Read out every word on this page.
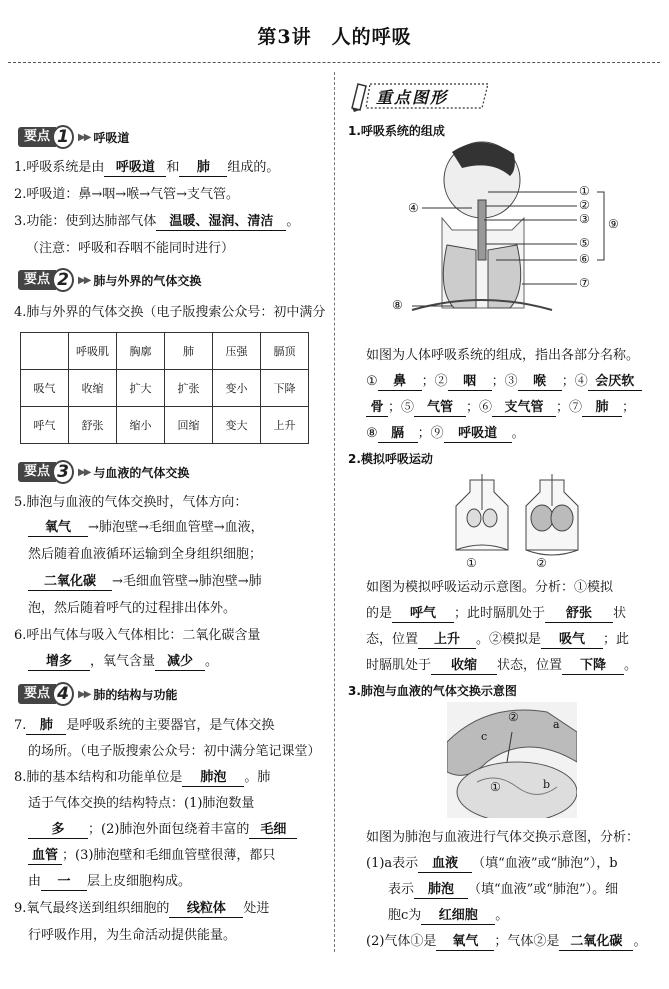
第3讲　人的呼吸
要点 1 ▶▶ 呼吸道
1.呼吸系统是由 呼吸道 和 肺 组成的。
2.呼吸道：鼻→咽→喉→气管→支气管。
3.功能：使到达肺部气体 温暖、湿润、清洁 。
（注意：呼吸和吞咽不能同时进行）
要点 2 ▶▶ 肺与外界的气体交换
4.肺与外界的气体交换（电子版搜索公众号：初中满分
	呼吸肌	胸廓	肺	压强	膈顶
吸气	收缩	扩大	扩张	变小	下降
呼气	舒张	缩小	回缩	变大	上升
要点 3 ▶▶ 与血液的气体交换
5.肺泡与血液的气体交换时，气体方向：
氧气 →肺泡壁→毛细血管壁→血液，
然后随着血液循环运输到全身组织细胞；
二氧化碳 →毛细血管壁→肺泡壁→肺
泡，然后随着呼气的过程排出体外。
6.呼出气体与吸入气体相比：二氧化碳含量
增多 ，氧气含量 减少 。
要点 4 ▶▶ 肺的结构与功能
7. 肺 是呼吸系统的主要器官，是气体交换
的场所。（电子版搜索公众号：初中满分笔记课堂）
8.肺的基本结构和功能单位是 肺泡 。肺
适于气体交换的结构特点：(1)肺泡数量
多 ；(2)肺泡外面包绕着丰富的 毛细
血管 ；(3)肺泡壁和毛细血管壁很薄，都只
由 一 层上皮细胞构成。
9.氧气最终送到组织细胞的 线粒体 处进
行呼吸作用，为生命活动提供能量。
重点图形
1.呼吸系统的组成
①
②
③
④
⑤
⑥
⑦
⑧
⑨
如图为人体呼吸系统的组成，指出各部分名称。
① 鼻 ；② 咽 ；③ 喉 ；④ 会厌软
骨 ；⑤ 气管 ；⑥ 支气管 ；⑦ 肺 ；
⑧ 膈 ；⑨ 呼吸道 。
2.模拟呼吸运动
①	②
如图为模拟呼吸运动示意图。分析：①模拟
的是 呼气 ；此时膈肌处于 舒张 状
态，位置 上升 。②模拟是 吸气 ；此
时膈肌处于 收缩 状态，位置 下降 。
3.肺泡与血液的气体交换示意图
②
a
c
①	b
如图为肺泡与血液进行气体交换示意图，分析：
(1)a表示 血液 （填“血液”或“肺泡”），b
表示 肺泡 （填“血液”或“肺泡”）。细
胞c为 红细胞 。
(2)气体①是 氧气 ；气体②是 二氧化碳 。
